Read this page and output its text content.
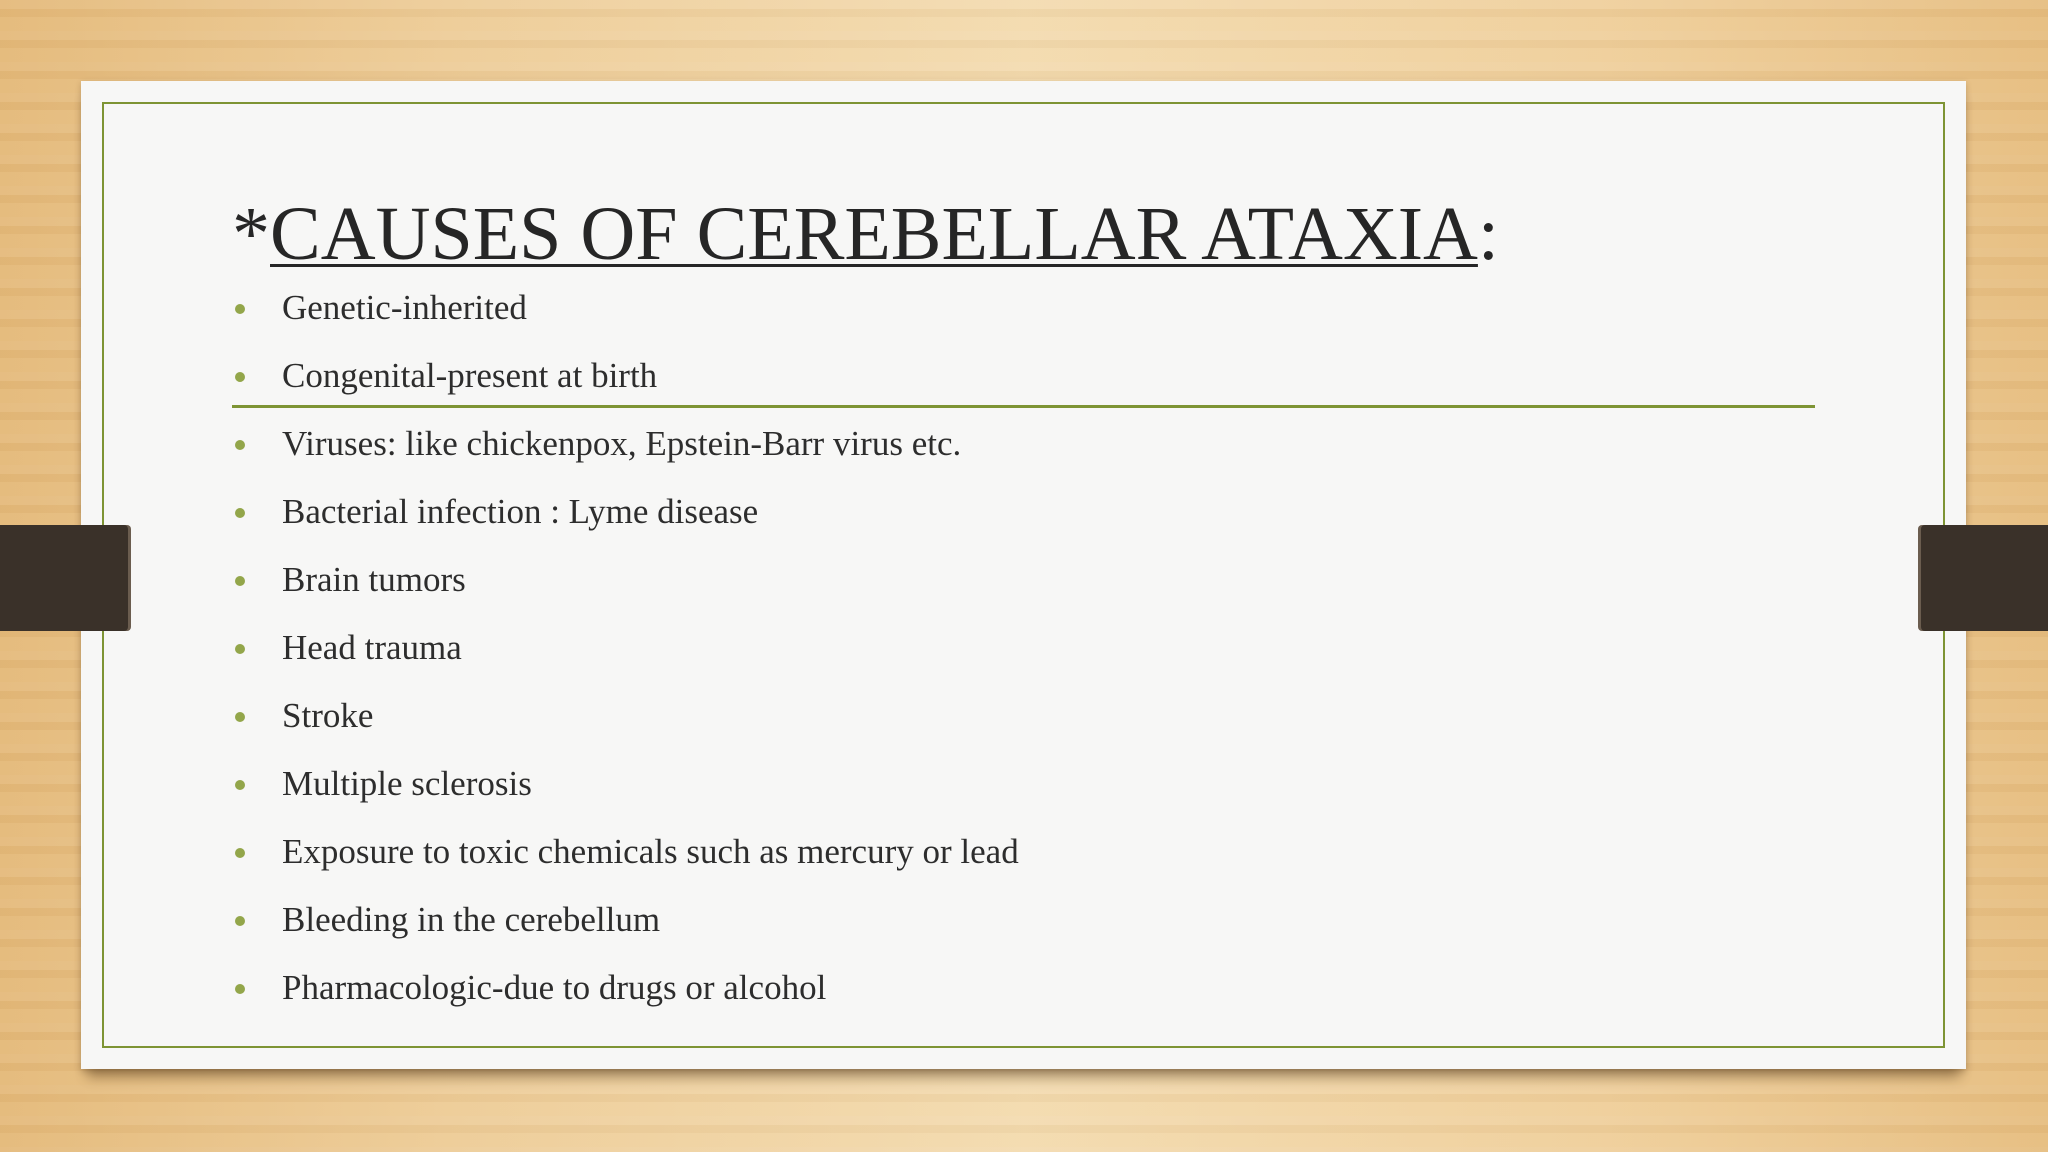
*CAUSES OF CEREBELLAR ATAXIA:
Genetic-inherited
Congenital-present at birth
Viruses: like chickenpox, Epstein-Barr virus etc.
Bacterial infection : Lyme disease
Brain tumors
Head trauma
Stroke
Multiple sclerosis
Exposure to toxic chemicals such as mercury or lead
Bleeding in the cerebellum
Pharmacologic-due to drugs or alcohol
